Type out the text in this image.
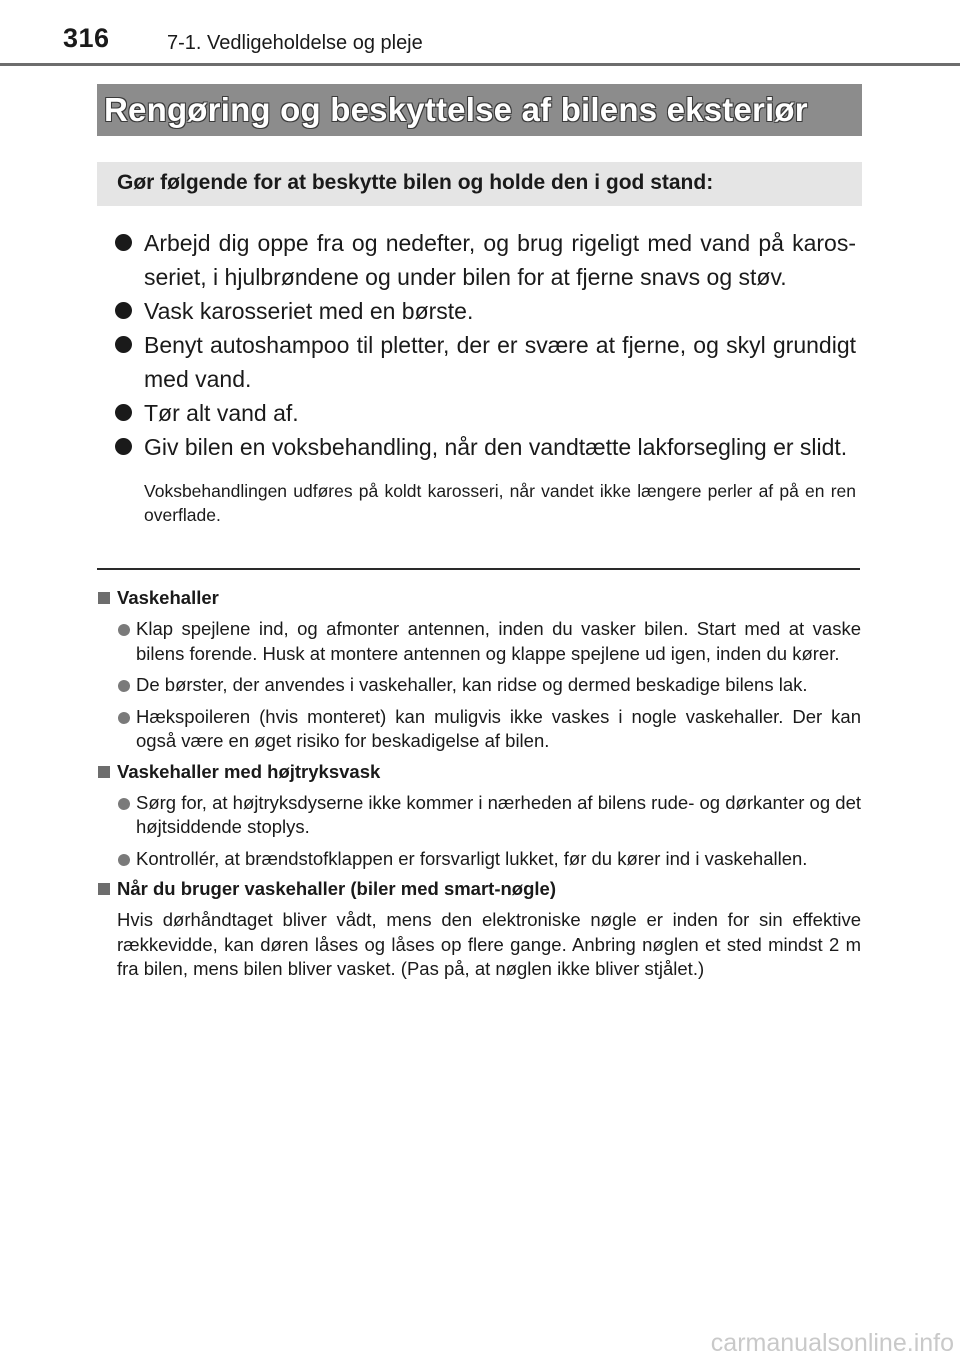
316	7-1. Vedligeholdelse og pleje
Rengøring og beskyttelse af bilens eksteriør
Gør følgende for at beskytte bilen og holde den i god stand:
Arbejd dig oppe fra og nedefter, og brug rigeligt med vand på karosseriet, i hjulbrøndene og under bilen for at fjerne snavs og støv.
Vask karosseriet med en børste.
Benyt autoshampoo til pletter, der er svære at fjerne, og skyl grundigt med vand.
Tør alt vand af.
Giv bilen en voksbehandling, når den vandtætte lakforsegling er slidt.
Voksbehandlingen udføres på koldt karosseri, når vandet ikke længere perler af på en ren overflade.
Vaskehaller
Klap spejlene ind, og afmonter antennen, inden du vasker bilen. Start med at vaske bilens forende. Husk at montere antennen og klappe spejlene ud igen, inden du kører.
De børster, der anvendes i vaskehaller, kan ridse og dermed beskadige bilens lak.
Hækspoileren (hvis monteret) kan muligvis ikke vaskes i nogle vaskehaller. Der kan også være en øget risiko for beskadigelse af bilen.
Vaskehaller med højtryksvask
Sørg for, at højtryksdyserne ikke kommer i nærheden af bilens rude- og dørkanter og det højtsiddende stoplys.
Kontrollér, at brændstofklappen er forsvarligt lukket, før du kører ind i vaskehallen.
Når du bruger vaskehaller (biler med smart-nøgle)
Hvis dørhåndtaget bliver vådt, mens den elektroniske nøgle er inden for sin effektive rækkevidde, kan døren låses og låses op flere gange. Anbring nøglen et sted mindst 2 m fra bilen, mens bilen bliver vasket. (Pas på, at nøglen ikke bliver stjålet.)
carmanualsonline.info
